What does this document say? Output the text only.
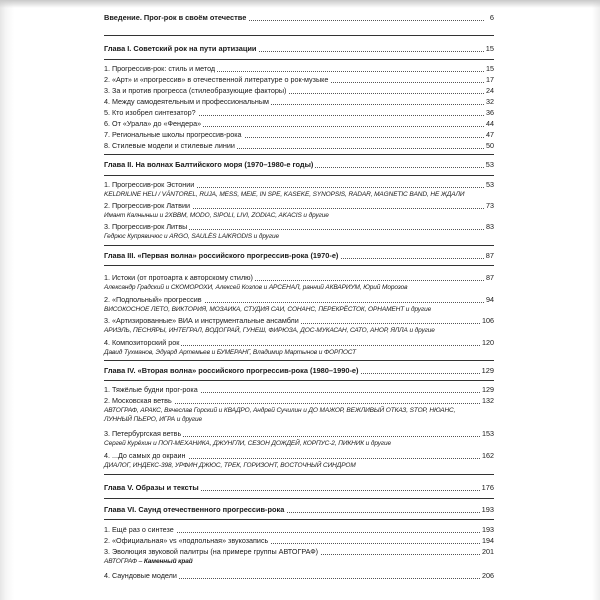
Введение. Прог-рок в своём отечестве	6
Глава I. Советский рок на пути артизации	15
1. Прогрессив-рок: стиль и метод	15
2. «Арт» и «прогрессив» в отечественной литературе о рок-музыке	17
3. За и против прогресса (стилеобразующие факторы)	24
4. Между самодеятельным и профессиональным	32
5. Кто изобрел синтезатор?	36
6. От «Урала» до «Фендера»	44
7. Региональные школы прогрессив-рока	47
8. Стилевые модели и стилевые линии	50
Глава II. На волнах Балтийского моря (1970–1980-е годы)	53
1. Прогрессив-рок Эстонии	53
KELDRILINE HELI / VÄNTOREL, RUJA, MESS, MEIE, IN SPE, KASEKE, SYNOPSIS, RADAR, MAGNETIC BAND, НЕ ЖДАЛИ
2. Прогрессив-рок Латвии	73
Имант Калныньш и 2XBBM, MODO, SIPOLI, LIVI, ZODIAC, AKACIS и другие
3. Прогрессив-рок Литвы	83
Гедрюс Купрявичюс и ARGO, SAULĖS LAIKRODIS и другие
Глава III. «Первая волна» российского прогрессив-рока (1970-е)	87
1. Истоки (от протоарта к авторскому стилю)	87
Александр Градский и СКОМОРОХИ, Алексей Козлов и АРСЕНАЛ, ранний АКВАРИУМ, Юрий Морозов
2. «Подпольный» прогрессив	94
ВИСОКОСНОЕ ЛЕТО, ВИКТОРИЯ, МОЗАИКА, СТУДИЯ САИ, СОНАНС, ПЕРЕКРЁСТОК, ОРНАМЕНТ и другие
3. «Артизированные» ВИА и инструментальные ансамбли	106
АРИЭЛЬ, ПЕСНЯРЫ, ИНТЕГРАЛ, ВОДОГРАЙ, ГУНЕШ, ФИРЮЗА, ДОС-МУКАСАН, САТО, АНОР, ЯЛЛА и другие
4. Композиторский рок	120
Давид Тухманов, Эдуард Артемьев и БУМЕРАНГ, Владимир Мартынов и ФОРПОСТ
Глава IV. «Вторая волна» российского прогрессив-рока (1980–1990-е)	129
1. Тяжёлые будни прог-рока	129
2. Московская ветвь	132
АВТОГРАФ, АРАКС, Вячеслав Горский и КВАДРО, Андрей Сучилин и ДО МАЖОР, ВЕЖЛИВЫЙ ОТКАЗ, STOP, НЮАНС,
ЛУННЫЙ ПЬЕРО, ИГРА и другие
3. Петербургская ветвь	153
Сергей Курёхин и ПОП-МЕХАНИКА, ДЖУНГЛИ, СЕЗОН ДОЖДЕЙ, КОРПУС-2, ПИКНИК и другие
4. ...До самых до окраин	162
ДИАЛОГ, ИНДЕКС-398, УРФИН ДЖЮС, ТРЕК, ГОРИЗОНТ, ВОСТОЧНЫЙ СИНДРОМ
Глава V. Образы и тексты	176
Глава VI. Саунд отечественного прогрессив-рока	193
1. Ещё раз о синтезе	193
2. «Официальная» vs «подпольная» звукозапись	194
3. Эволюция звуковой палитры (на примере группы АВТОГРАФ)	201
АВТОГРАФ – Каменный край
4. Саундовые модели	206
